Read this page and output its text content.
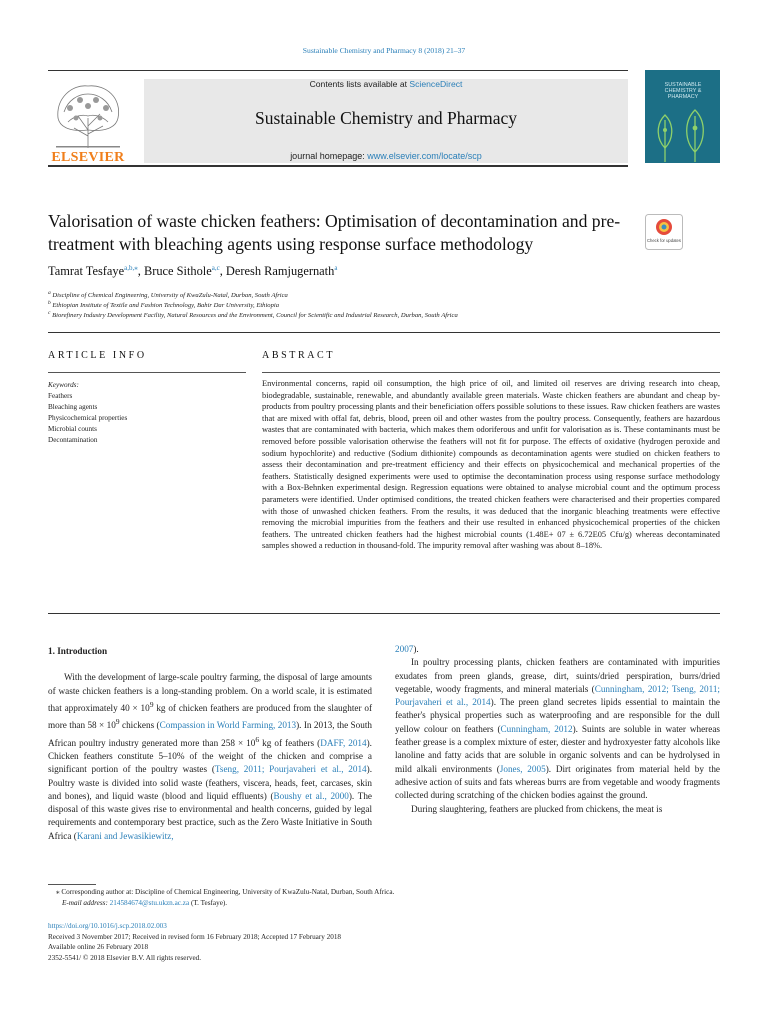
Sustainable Chemistry and Pharmacy 8 (2018) 21–37
ELSEVIER
Contents lists available at ScienceDirect
Sustainable Chemistry and Pharmacy
journal homepage: www.elsevier.com/locate/scp
SUSTAINABLE CHEMISTRY & PHARMACY
Valorisation of waste chicken feathers: Optimisation of decontamination and pre-treatment with bleaching agents using response surface methodology	Check for updates
Tamrat Tesfaye$^{a,b,⁎}$, Bruce Sithole$^{a,c}$, Deresh Ramjugernath$^a$
$^a$ Discipline of Chemical Engineering, University of KwaZulu-Natal, Durban, South Africa
$^b$ Ethiopian Institute of Textile and Fashion Technology, Bahir Dar University, Ethiopia
$^c$ Biorefinery Industry Development Facility, Natural Resources and the Environment, Council for Scientific and Industrial Research, Durban, South Africa
ARTICLE INFO	ABSTRACT
Keywords:
Feathers
Bleaching agents
Physicochemical properties
Microbial counts
Decontamination
Environmental concerns, rapid oil consumption, the high price of oil, and limited oil reserves are driving research into cheap, biodegradable, sustainable, renewable, and abundantly available green materials. Waste chicken feathers are abundant and cheap by-products from poultry processing plants and their beneficiation offers possible solutions to these issues. Raw chicken feathers are wastes that are mixed with offal fat, debris, blood, preen oil and other wastes from the poultry process. Consequently, feathers are hazardous wastes that are contaminated with bacteria, which makes them odoriferous and unfit for valorisation as is. These contaminants must be removed before possible valorisation otherwise the feathers will not fit for purpose. The effects of oxidative (hydrogen peroxide and sodium hypochlorite) and reductive (Sodium dithionite) compounds as decontamination agents were studied on chicken feathers to assess their decontamination and pre-treatment efficiency and their effects on physicochemical and mechanical properties of the feathers. Statistically designed experiments were used to optimise the decontamination process using response surface methodology with a Box-Behnken experimental design. Regression equations were obtained to analyse microbial count and the optimum process parameters were identified. Under optimised conditions, the treated chicken feathers were characterised and their properties compared with those of unwashed chicken feathers. From the results, it was deduced that the inorganic bleaching treatments were effective removing the microbial impurities from the feathers and their use resulted in enhanced physicochemical properties of the chicken feathers. The untreated chicken feathers had the highest microbial counts (1.48E+ 07 ± 6.72E05 Cfu/g) whereas decontaminated samples showed a reduction in thousand-fold. The impurity removal after washing was about 8–18%.

1. Introduction

With the development of large-scale poultry farming, the disposal of large amounts of waste chicken feathers is a long-standing problem. On a world scale, it is estimated that approximately $40 \times 10^9$ kg of chicken feathers are produced from the slaughter of more than $58 \times 10^9$ chickens (Compassion in World Farming, 2013). In 2013, the South African poultry industry generated more than $258 \times 10^6$ kg of feathers (DAFF, 2014). Chicken feathers constitute 5–10% of the weight of the chicken and comprise a significant portion of the poultry wastes (Tseng, 2011; Pourjavaheri et al., 2014). Poultry waste is divided into solid waste (feathers, viscera, heads, feet, carcases, skin and bones), and liquid waste (blood and liquid effluents) (Boushy et al., 2000). The disposal of this waste gives rise to environmental and health concerns, guided by legal requirements and contemporary best practice, such as the Zero Waste Initiative in South Africa (Karani and Jewasikiewitz,

2007).

In poultry processing plants, chicken feathers are contaminated with impurities exudates from preen glands, grease, dirt, suints/dried perspiration, burrs/dried vegetable, woody fragments, and mineral materials (Cunningham, 2012; Tseng, 2011; Pourjavaheri et al., 2014). The preen gland secretes lipids essential to maintain the feather's physical properties such as waterproofing and are responsible for the dull yellow colour on feathers (Cunningham, 2012). Suints are soluble in water whereas feather grease is a complex mixture of ester, diester and hydroxyester fatty alcohols like lanoline and fatty acids that are soluble in organic solvents and can be hydrolysed in mild alkali environments (Jones, 2005). Dirt originates from material held by the adhesive action of suits and fats whereas burrs are from vegetable and woody fragments collected during scratching of the chicken bodies against the ground.

During slaughtering, feathers are plucked from chickens, the meat is

⁎ Corresponding author at: Discipline of Chemical Engineering, University of KwaZulu-Natal, Durban, South Africa.
E-mail address: 214584674@stu.ukzn.ac.za (T. Tesfaye).
https://doi.org/10.1016/j.scp.2018.02.003
Received 3 November 2017; Received in revised form 16 February 2018; Accepted 17 February 2018
Available online 26 February 2018
2352-5541/ © 2018 Elsevier B.V. All rights reserved.
